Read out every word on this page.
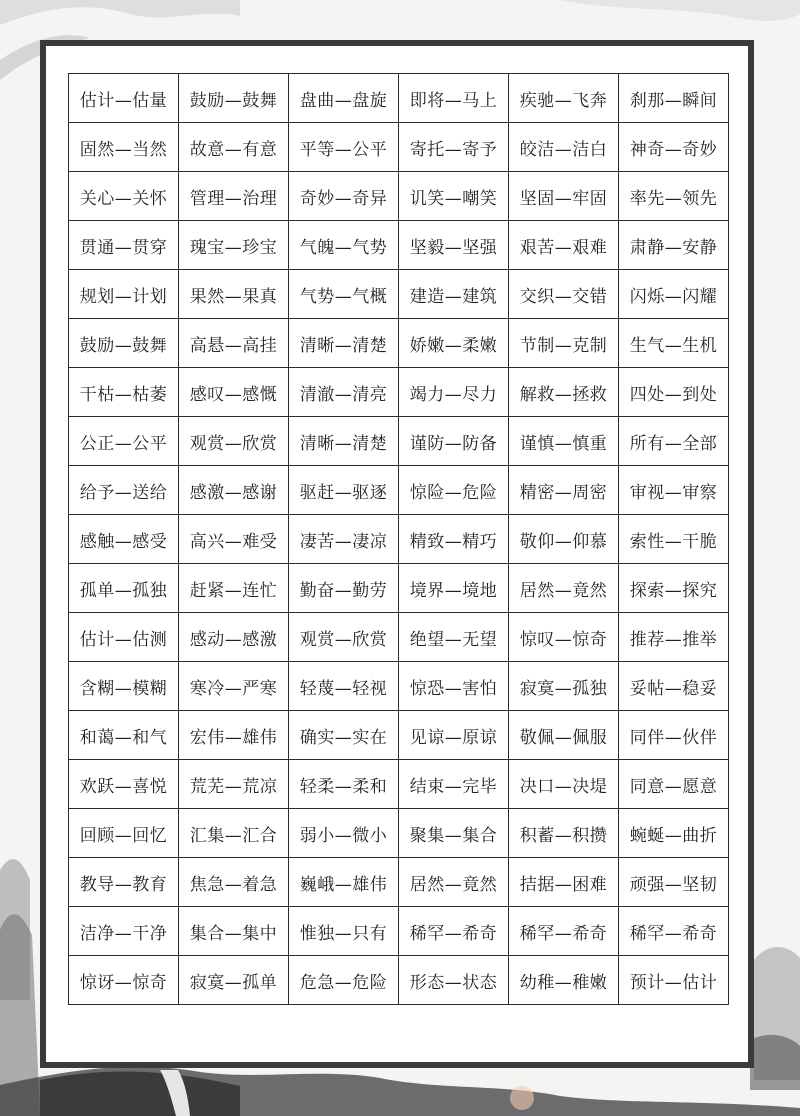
估计—估量	鼓励—鼓舞	盘曲—盘旋	即将—马上	疾驰—飞奔	刹那—瞬间
固然—当然	故意—有意	平等—公平	寄托—寄予	皎洁—洁白	神奇—奇妙
关心—关怀	管理—治理	奇妙—奇异	讥笑—嘲笑	坚固—牢固	率先—领先
贯通—贯穿	瑰宝—珍宝	气魄—气势	坚毅—坚强	艰苦—艰难	肃静—安静
规划—计划	果然—果真	气势—气概	建造—建筑	交织—交错	闪烁—闪耀
鼓励—鼓舞	高悬—高挂	清晰—清楚	娇嫩—柔嫩	节制—克制	生气—生机
干枯—枯萎	感叹—感慨	清澈—清亮	竭力—尽力	解救—拯救	四处—到处
公正—公平	观赏—欣赏	清晰—清楚	谨防—防备	谨慎—慎重	所有—全部
给予—送给	感激—感谢	驱赶—驱逐	惊险—危险	精密—周密	审视—审察
感触—感受	高兴—难受	凄苦—凄凉	精致—精巧	敬仰—仰慕	索性—干脆
孤单—孤独	赶紧—连忙	勤奋—勤劳	境界—境地	居然—竟然	探索—探究
估计—估测	感动—感激	观赏—欣赏	绝望—无望	惊叹—惊奇	推荐—推举
含糊—模糊	寒冷—严寒	轻蔑—轻视	惊恐—害怕	寂寞—孤独	妥帖—稳妥
和蔼—和气	宏伟—雄伟	确实—实在	见谅—原谅	敬佩—佩服	同伴—伙伴
欢跃—喜悦	荒芜—荒凉	轻柔—柔和	结束—完毕	决口—决堤	同意—愿意
回顾—回忆	汇集—汇合	弱小—微小	聚集—集合	积蓄—积攒	蜿蜒—曲折
教导—教育	焦急—着急	巍峨—雄伟	居然—竟然	拮据—困难	顽强—坚韧
洁净—干净	集合—集中	惟独—只有	稀罕—希奇	稀罕—希奇	稀罕—希奇
惊讶—惊奇	寂寞—孤单	危急—危险	形态—状态	幼稚—稚嫩	预计—估计
